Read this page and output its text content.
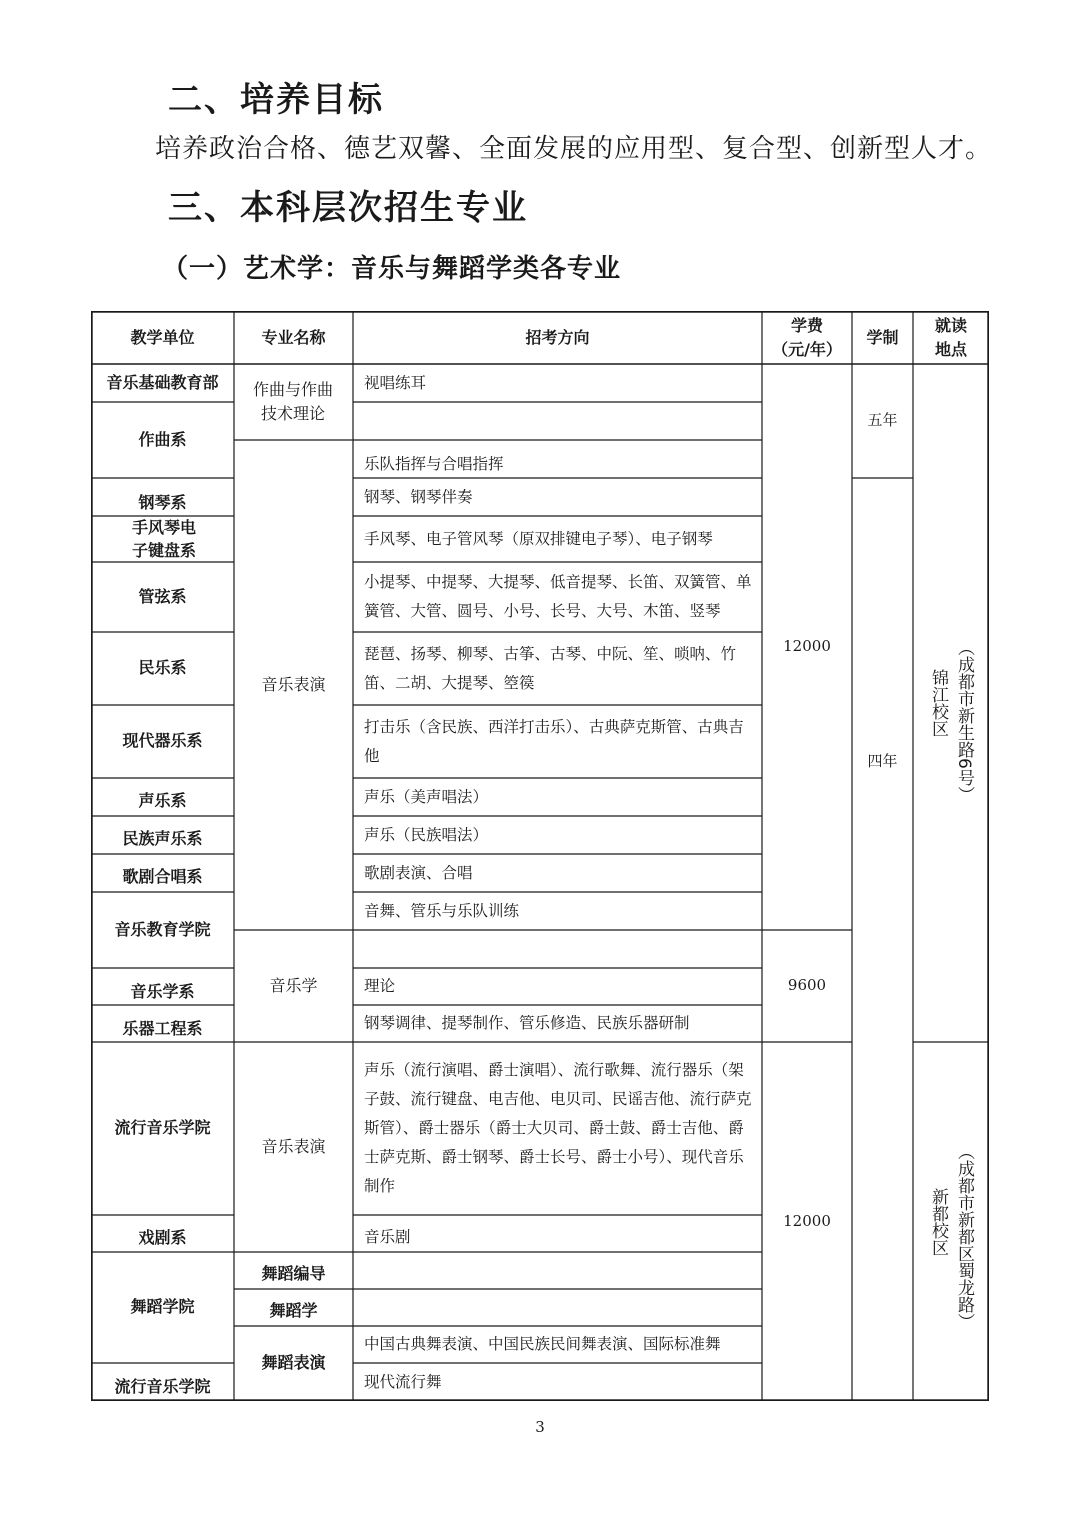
二、培养目标

培养政治合格、德艺双馨、全面发展的应用型、复合型、创新型人才。

三、本科层次招生专业
（一）艺术学：音乐与舞蹈学类各专业
教学单位	专业名称	招考方向
学费
（元/年）
学制
就读
地点
音乐基础教育部
作曲系
钢琴系
手风琴电子键盘系
管弦系
民乐系
现代器乐系
声乐系
民族声乐系
歌剧合唱系
音乐教育学院
音乐学系
乐器工程系
流行音乐学院
戏剧系
舞蹈学院
流行音乐学院
作曲与作曲技术理论
音乐表演
音乐学
音乐表演
舞蹈编导
舞蹈学
舞蹈表演
视唱练耳
乐队指挥与合唱指挥
钢琴、钢琴伴奏
手风琴、电子管风琴（原双排键电子琴）、电子钢琴
小提琴、中提琴、大提琴、低音提琴、长笛、双簧管、单簧管、大管、圆号、小号、长号、大号、木笛、竖琴
琵琶、扬琴、柳琴、古筝、古琴、中阮、笙、唢呐、竹笛、二胡、大提琴、箜篌
打击乐（含民族、西洋打击乐）、古典萨克斯管、古典吉他
声乐（美声唱法）
声乐（民族唱法）
歌剧表演、合唱
音舞、管乐与乐队训练
理论
钢琴调律、提琴制作、管乐修造、民族乐器研制
声乐（流行演唱、爵士演唱）、流行歌舞、流行器乐（架子鼓、流行键盘、电吉他、电贝司、民谣吉他、流行萨克斯管）、爵士器乐（爵士大贝司、爵士鼓、爵士吉他、爵士萨克斯、爵士钢琴、爵士长号、爵士小号）、现代音乐制作
音乐剧
中国古典舞表演、中国民族民间舞表演、国际标准舞
现代流行舞
12000
9600
12000
五年
四年
锦江校区 （成都市新生路6号）
新都校区 （成都市新都区蜀龙路）
3
